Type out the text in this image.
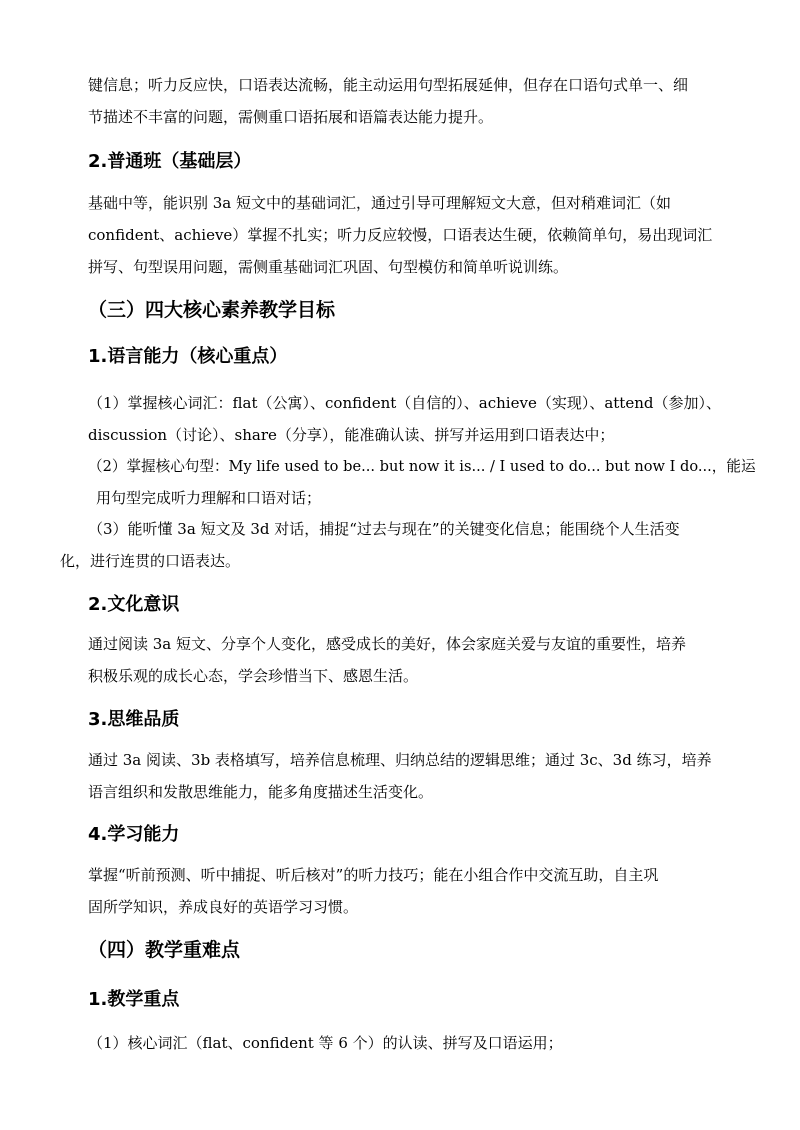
键信息；听力反应快，口语表达流畅，能主动运用句型拓展延伸，但存在口语句式单一、细
节描述不丰富的问题，需侧重口语拓展和语篇表达能力提升。
2.普通班（基础层）
基础中等，能识别 3a 短文中的基础词汇，通过引导可理解短文大意，但对稍难词汇（如
confident、achieve）掌握不扎实；听力反应较慢，口语表达生硬，依赖简单句，易出现词汇
拼写、句型误用问题，需侧重基础词汇巩固、句型模仿和简单听说训练。
（三）四大核心素养教学目标
1.语言能力（核心重点）
（1）掌握核心词汇：flat（公寓）、confident（自信的）、achieve（实现）、attend（参加）、
discussion（讨论）、share（分享），能准确认读、拼写并运用到口语表达中；
（2）掌握核心句型：My life used to be... but now it is... / I used to do... but now I do...，能运
用句型完成听力理解和口语对话；
（3）能听懂 3a 短文及 3d 对话，捕捉“过去与现在”的关键变化信息；能围绕个人生活变
化，进行连贯的口语表达。
2.文化意识
通过阅读 3a 短文、分享个人变化，感受成长的美好，体会家庭关爱与友谊的重要性，培养
积极乐观的成长心态，学会珍惜当下、感恩生活。
3.思维品质
通过 3a 阅读、3b 表格填写，培养信息梳理、归纳总结的逻辑思维；通过 3c、3d 练习，培养
语言组织和发散思维能力，能多角度描述生活变化。
4.学习能力
掌握“听前预测、听中捕捉、听后核对”的听力技巧；能在小组合作中交流互助，自主巩
固所学知识，养成良好的英语学习习惯。
（四）教学重难点
1.教学重点
（1）核心词汇（flat、confident 等 6 个）的认读、拼写及口语运用；
